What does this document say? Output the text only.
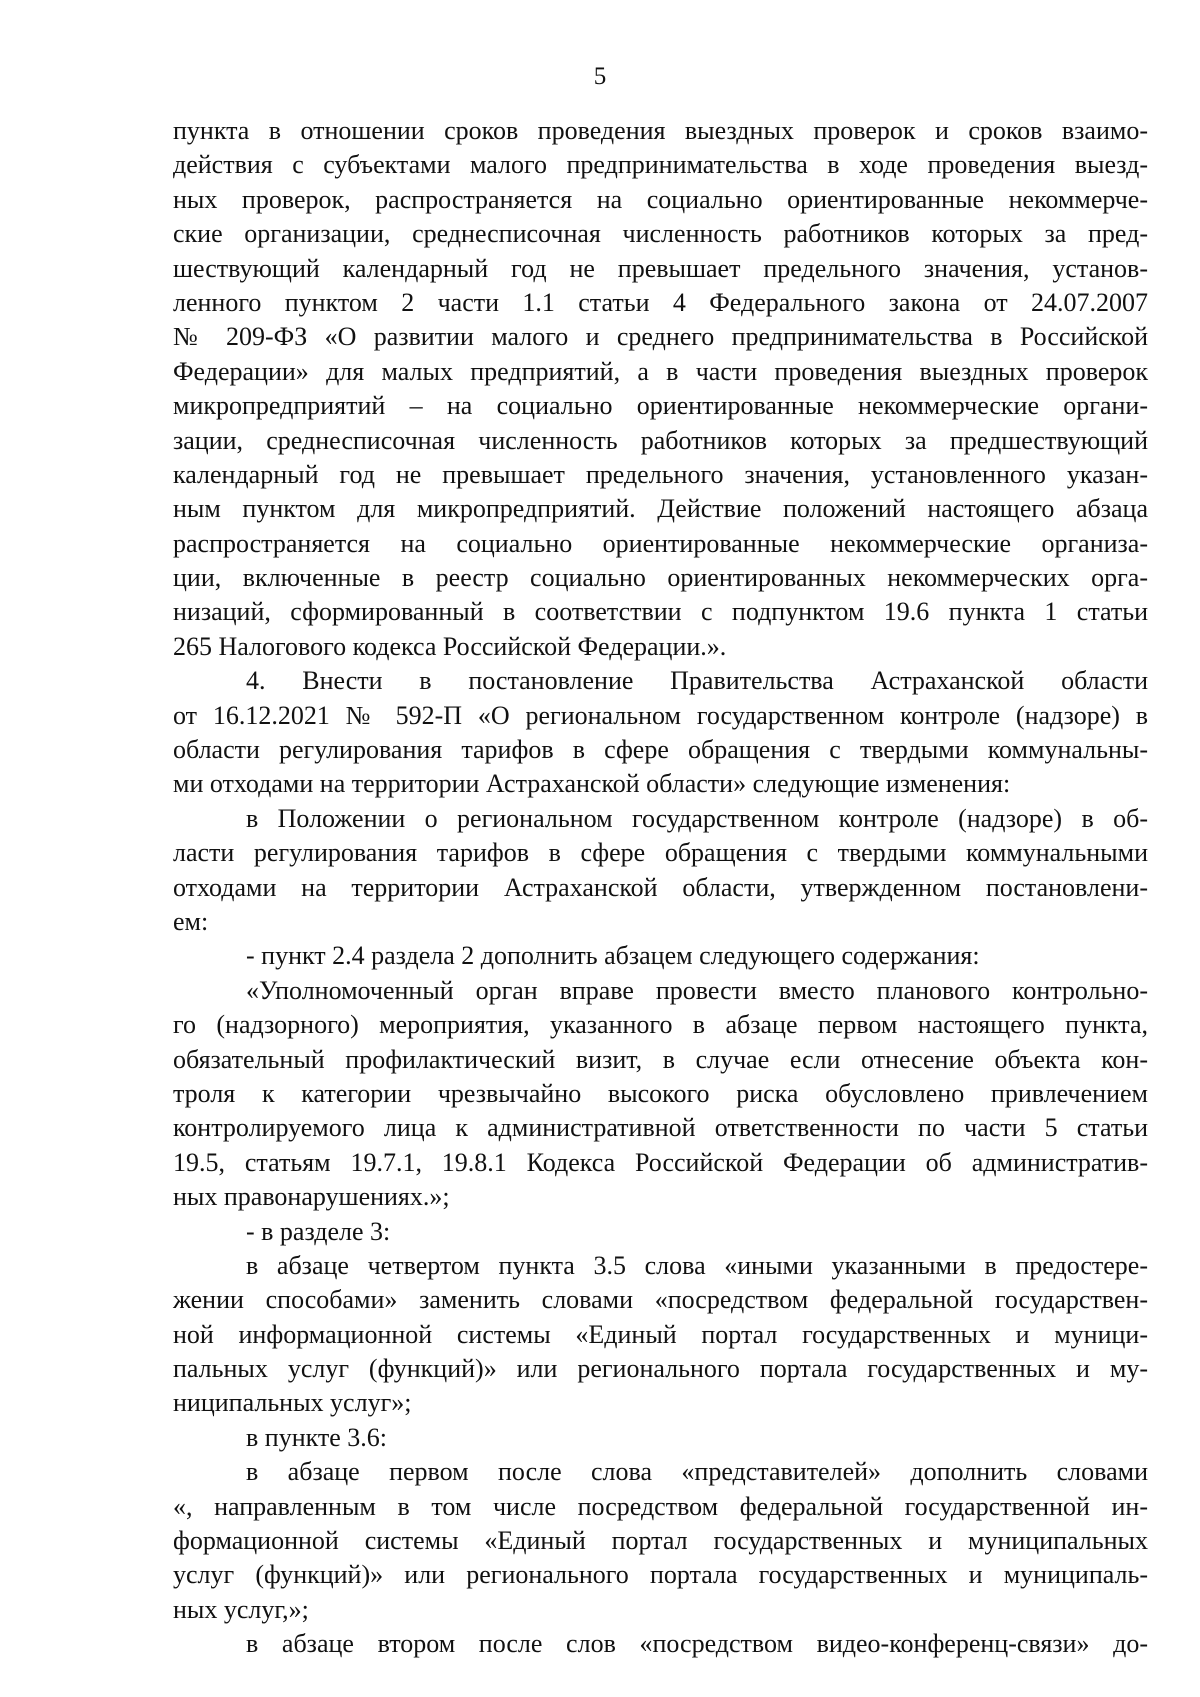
5
пункта в отношении сроков проведения выездных проверок и сроков взаимо-
действия с субъектами малого предпринимательства в ходе проведения выезд-
ных проверок, распространяется на социально ориентированные некоммерче-
ские организации, среднесписочная численность работников которых за пред-
шествующий календарный год не превышает предельного значения, установ-
ленного пунктом 2 части 1.1 статьи 4 Федерального закона от 24.07.2007
№ 209-ФЗ «О развитии малого и среднего предпринимательства в Российской
Федерации» для малых предприятий, а в части проведения выездных проверок
микропредприятий – на социально ориентированные некоммерческие органи-
зации, среднесписочная численность работников которых за предшествующий
календарный год не превышает предельного значения, установленного указан-
ным пунктом для микропредприятий. Действие положений настоящего абзаца
распространяется на социально ориентированные некоммерческие организа-
ции, включенные в реестр социально ориентированных некоммерческих орга-
низаций, сформированный в соответствии с подпунктом 19.6 пункта 1 статьи
265 Налогового кодекса Российской Федерации.».
4. Внести в постановление Правительства Астраханской области
от 16.12.2021 № 592-П «О региональном государственном контроле (надзоре) в
области регулирования тарифов в сфере обращения с твердыми коммунальны-
ми отходами на территории Астраханской области» следующие изменения:
в Положении о региональном государственном контроле (надзоре) в об-
ласти регулирования тарифов в сфере обращения с твердыми коммунальными
отходами на территории Астраханской области, утвержденном постановлени-
ем:
- пункт 2.4 раздела 2 дополнить абзацем следующего содержания:
«Уполномоченный орган вправе провести вместо планового контрольно-
го (надзорного) мероприятия, указанного в абзаце первом настоящего пункта,
обязательный профилактический визит, в случае если отнесение объекта кон-
троля к категории чрезвычайно высокого риска обусловлено привлечением
контролируемого лица к административной ответственности по части 5 статьи
19.5, статьям 19.7.1, 19.8.1 Кодекса Российской Федерации об административ-
ных правонарушениях.»;
- в разделе 3:
в абзаце четвертом пункта 3.5 слова «иными указанными в предостере-
жении способами» заменить словами «посредством федеральной государствен-
ной информационной системы «Единый портал государственных и муници-
пальных услуг (функций)» или регионального портала государственных и му-
ниципальных услуг»;
в пункте 3.6:
в абзаце первом после слова «представителей» дополнить словами
«, направленным в том числе посредством федеральной государственной ин-
формационной системы «Единый портал государственных и муниципальных
услуг (функций)» или регионального портала государственных и муниципаль-
ных услуг,»;
в абзаце втором после слов «посредством видео-конференц-связи» до-
